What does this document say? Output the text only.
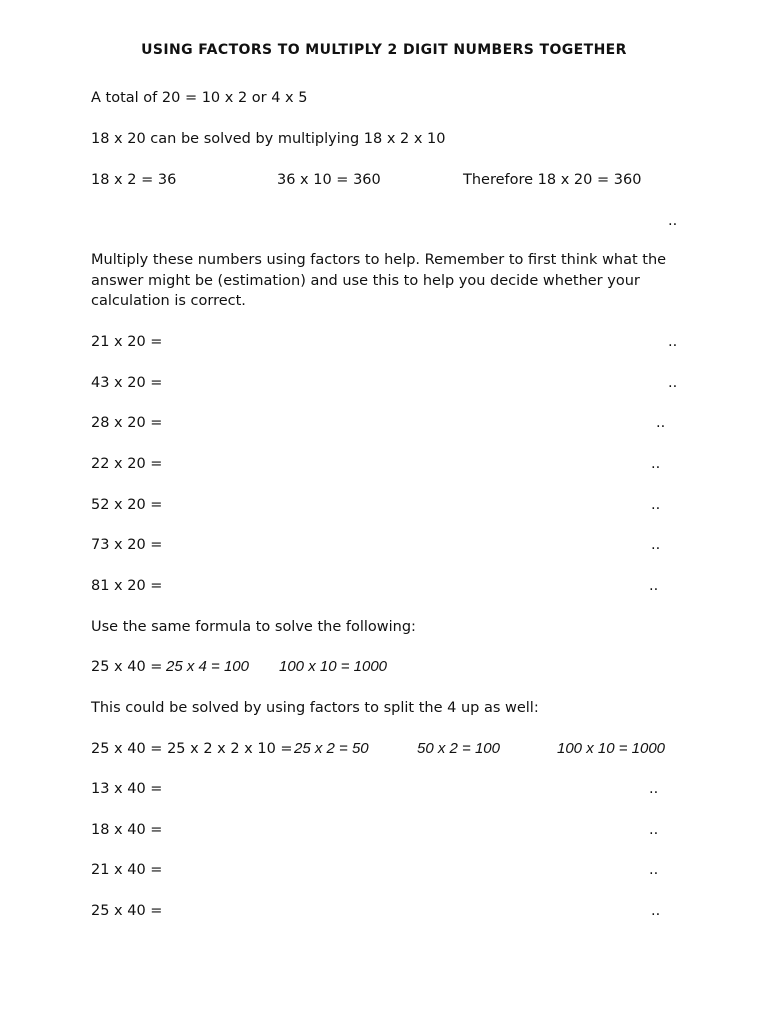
USING FACTORS TO MULTIPLY 2 DIGIT NUMBERS TOGETHER
A total of 20 = 10 x 2 or 4 x 5
18 x 20 can be solved by multiplying 18 x 2 x 10
18 x 2 = 36	36 x 10 = 360	Therefore 18 x 20 = 360
..
Multiply these numbers using factors to help. Remember to first think what the answer might be (estimation) and use this to help you decide whether your calculation is correct.
21 x 20 =	..
43 x 20 =	..
28 x 20 =	..
22 x 20 =	..
52 x 20 =	..
73 x 20 =	..
81 x 20 =	..
Use the same formula to solve the following:
25 x 40 = 25 x 4 = 100 100 x 10 = 1000
This could be solved by using factors to split the 4 up as well:
25 x 40 = 25 x 2 x 2 x 10 = 25 x 2 = 50	50 x 2 = 100	100 x 10 = 1000
13 x 40 =	..
18 x 40 =	..
21 x 40 =	..
25 x 40 =	..
